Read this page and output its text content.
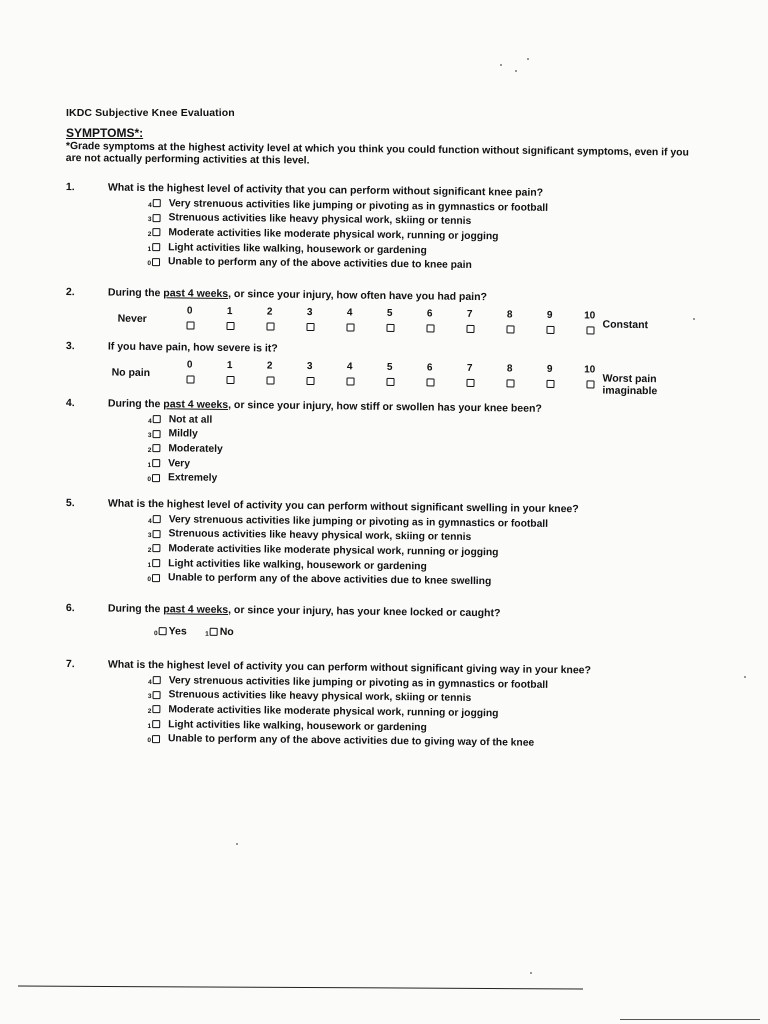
IKDC Subjective Knee Evaluation
SYMPTOMS*:
*Grade symptoms at the highest activity level at which you think you could function without significant symptoms, even if you are not actually performing activities at this level.
1.	What is the highest level of activity that you can perform without significant knee pain?
4 Very strenuous activities like jumping or pivoting as in gymnastics or football
3 Strenuous activities like heavy physical work, skiing or tennis
2 Moderate activities like moderate physical work, running or jogging
1 Light activities like walking, housework or gardening
0 Unable to perform any of the above activities due to knee pain
2.	During the past 4 weeks, or since your injury, how often have you had pain?
Never	Constant
0	1	2	3	4	5	6	7	8	9	10
3.	If you have pain, how severe is it?
No pain	Worst pain
imaginable
0	1	2	3	4	5	6	7	8	9	10
4.	During the past 4 weeks, or since your injury, how stiff or swollen has your knee been?
4 Not at all
3 Mildly
2 Moderately
1 Very
0 Extremely
5.	What is the highest level of activity you can perform without significant swelling in your knee?
4 Very strenuous activities like jumping or pivoting as in gymnastics or football
3 Strenuous activities like heavy physical work, skiing or tennis
2 Moderate activities like moderate physical work, running or jogging
1 Light activities like walking, housework or gardening
0 Unable to perform any of the above activities due to knee swelling
6.	During the past 4 weeks, or since your injury, has your knee locked or caught?
0 Yes	1 No
7.	What is the highest level of activity you can perform without significant giving way in your knee?
4 Very strenuous activities like jumping or pivoting as in gymnastics or football
3 Strenuous activities like heavy physical work, skiing or tennis
2 Moderate activities like moderate physical work, running or jogging
1 Light activities like walking, housework or gardening
0 Unable to perform any of the above activities due to giving way of the knee
